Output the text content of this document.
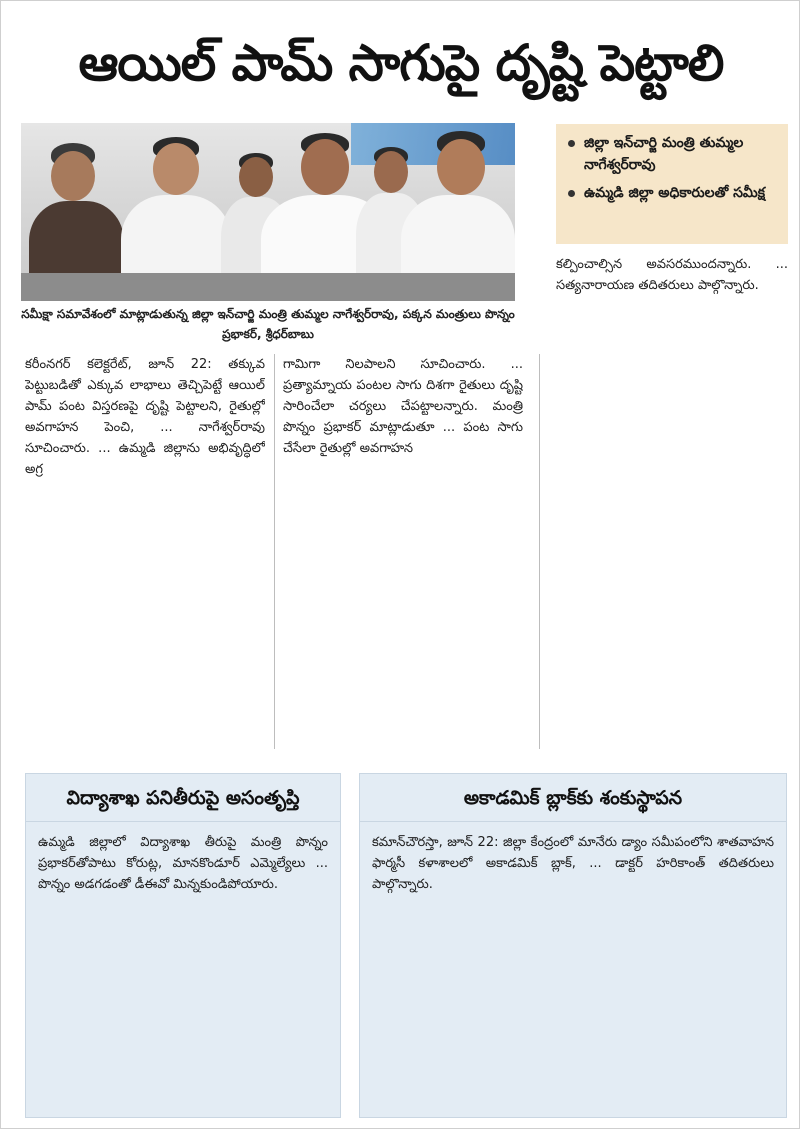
ఆయిల్ పామ్ సాగుపై దృష్టి పెట్టాలి

సమీక్షా సమావేశంలో మాట్లాడుతున్న జిల్లా ఇన్‌చార్జి మంత్రి తుమ్మల నాగేశ్వర్‌రావు, పక్కన మంత్రులు పొన్నం ప్రభాకర్, శ్రీధర్‌బాబు

జిల్లా ఇన్‌చార్జి మంత్రి తుమ్మల నాగేశ్వర్‌రావు
ఉమ్మడి జిల్లా అధికారులతో సమీక్ష
కరీంనగర్ కలెక్టరేట్, జూన్ 22: తక్కువ పెట్టుబడితో ఎక్కువ లాభాలు తెచ్చిపెట్టే ఆయిల్ పామ్ పంట విస్తరణపై దృష్టి పెట్టాలని, రైతుల్లో అవగాహన పెంచి, ... నాగేశ్వర్‌రావు సూచించారు. ... ఉమ్మడి జిల్లాను అభివృద్ధిలో అగ్ర
గామిగా నిలపాలని సూచించారు. ... ప్రత్యామ్నాయ పంటల సాగు దిశగా రైతులు దృష్టి సారించేలా చర్యలు చేపట్టాలన్నారు. మంత్రి పొన్నం ప్రభాకర్ మాట్లాడుతూ ... పంట సాగు చేసేలా రైతుల్లో అవగాహన
కల్పించాల్సిన అవసరముందన్నారు. ... సత్యనారాయణ తదితరులు పాల్గొన్నారు.
విద్యాశాఖ పనితీరుపై అసంతృప్తి
ఉమ్మడి జిల్లాలో విద్యాశాఖ తీరుపై మంత్రి పొన్నం ప్రభాకర్‌తోపాటు కోరుట్ల, మానకొండూర్ ఎమ్మెల్యేలు ... పొన్నం అడగడంతో డీఈవో మిన్నకుండిపోయారు.
అకాడమిక్ బ్లాక్‌కు శంకుస్థాపన
కమాన్‌చౌరస్తా, జూన్ 22: జిల్లా కేంద్రంలో మానేరు డ్యాం సమీపంలోని శాతవాహన ఫార్మసీ కళాశాలలో అకాడమిక్ బ్లాక్, ... డాక్టర్ హరికాంత్ తదితరులు పాల్గొన్నారు.
